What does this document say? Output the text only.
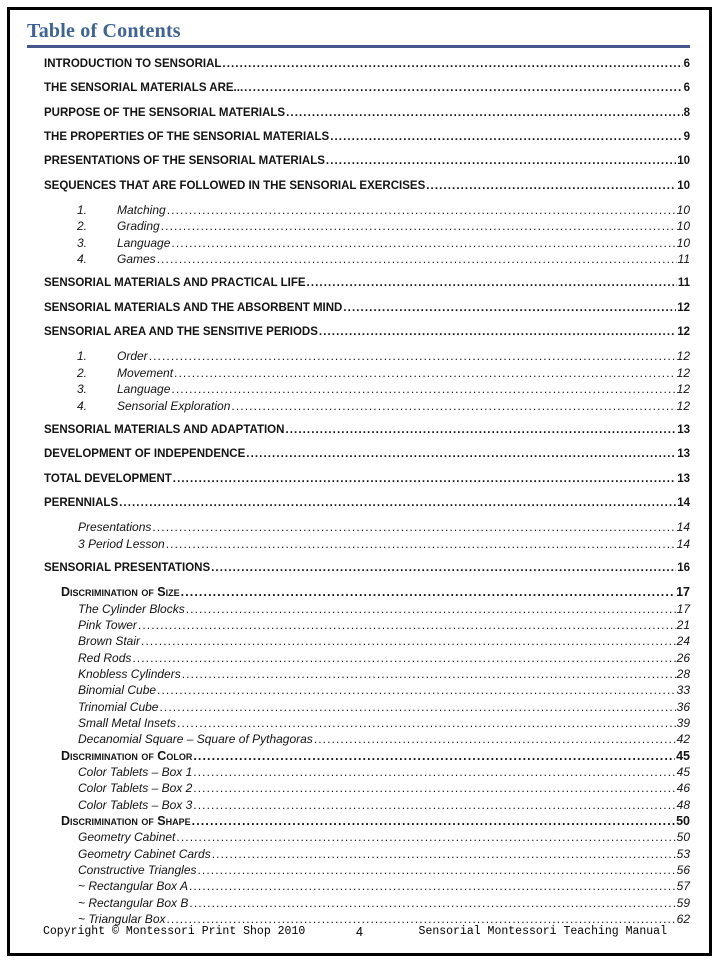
Table of Contents
INTRODUCTION TO SENSORIAL .....	6
THE SENSORIAL MATERIALS ARE... .....	6
PURPOSE OF THE SENSORIAL MATERIALS .....	8
THE PROPERTIES OF THE SENSORIAL MATERIALS .....	9
PRESENTATIONS OF THE SENSORIAL MATERIALS .....	10
SEQUENCES THAT ARE FOLLOWED IN THE SENSORIAL EXERCISES .....	10
1.	Matching .....	10
2.	Grading .....	10
3.	Language .....	10
4.	Games .....	11
SENSORIAL MATERIALS AND PRACTICAL LIFE .....	11
SENSORIAL MATERIALS AND THE ABSORBENT MIND .....	12
SENSORIAL AREA AND THE SENSITIVE PERIODS .....	12
1.	Order .....	12
2.	Movement .....	12
3.	Language .....	12
4.	Sensorial Exploration .....	12
SENSORIAL MATERIALS AND ADAPTATION .....	13
DEVELOPMENT OF INDEPENDENCE .....	13
TOTAL DEVELOPMENT .....	13
PERENNIALS .....	14
Presentations .....	14
3 Period Lesson .....	14
SENSORIAL PRESENTATIONS .....	16
Discrimination of Size .....	17
The Cylinder Blocks .....	17
Pink Tower .....	21
Brown Stair .....	24
Red Rods .....	26
Knobless Cylinders .....	28
Binomial Cube .....	33
Trinomial Cube .....	36
Small Metal Insets .....	39
Decanomial Square – Square of Pythagoras .....	42
Discrimination of Color .....	45
Color Tablets – Box 1 .....	45
Color Tablets – Box 2 .....	46
Color Tablets – Box 3 .....	48
Discrimination of Shape .....	50
Geometry Cabinet .....	50
Geometry Cabinet Cards .....	53
Constructive Triangles .....	56
~ Rectangular Box A .....	57
~ Rectangular Box B .....	59
~ Triangular Box .....	62
Copyright © Montessori Print Shop 2010	4	Sensorial Montessori Teaching Manual
